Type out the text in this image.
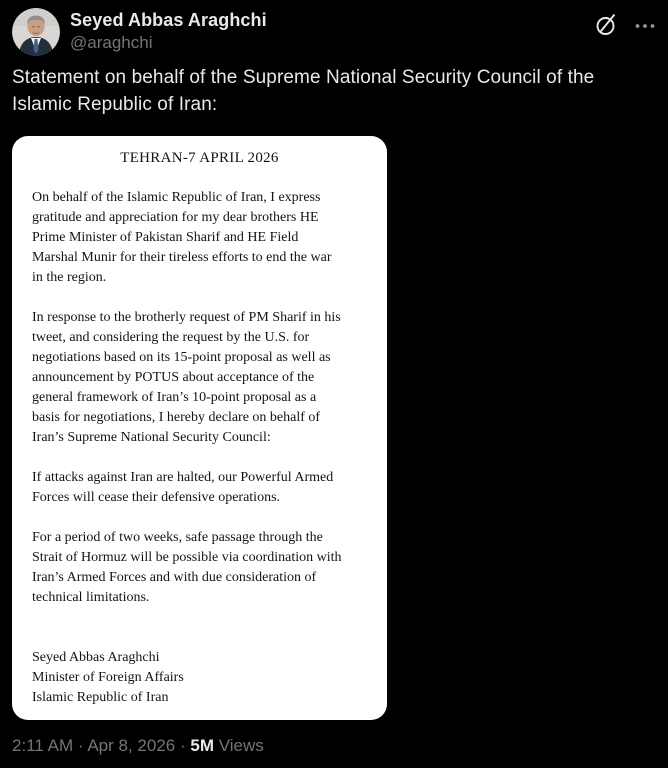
Seyed Abbas Araghchi
@araghchi
Statement on behalf of the Supreme National Security Council of the Islamic Republic of Iran:
TEHRAN-7 APRIL 2026
On behalf of the Islamic Republic of Iran, I express
gratitude and appreciation for my dear brothers HE
Prime Minister of Pakistan Sharif and HE Field
Marshal Munir for their tireless efforts to end the war
in the region.
In response to the brotherly request of PM Sharif in his
tweet, and considering the request by the U.S. for
negotiations based on its 15-point proposal as well as
announcement by POTUS about acceptance of the
general framework of Iran’s 10-point proposal as a
basis for negotiations, I hereby declare on behalf of
Iran’s Supreme National Security Council:
If attacks against Iran are halted, our Powerful Armed
Forces will cease their defensive operations.
For a period of two weeks, safe passage through the
Strait of Hormuz will be possible via coordination with
Iran’s Armed Forces and with due consideration of
technical limitations.
Seyed Abbas Araghchi
Minister of Foreign Affairs
Islamic Republic of Iran
2:11 AM · Apr 8, 2026 · 5M Views
